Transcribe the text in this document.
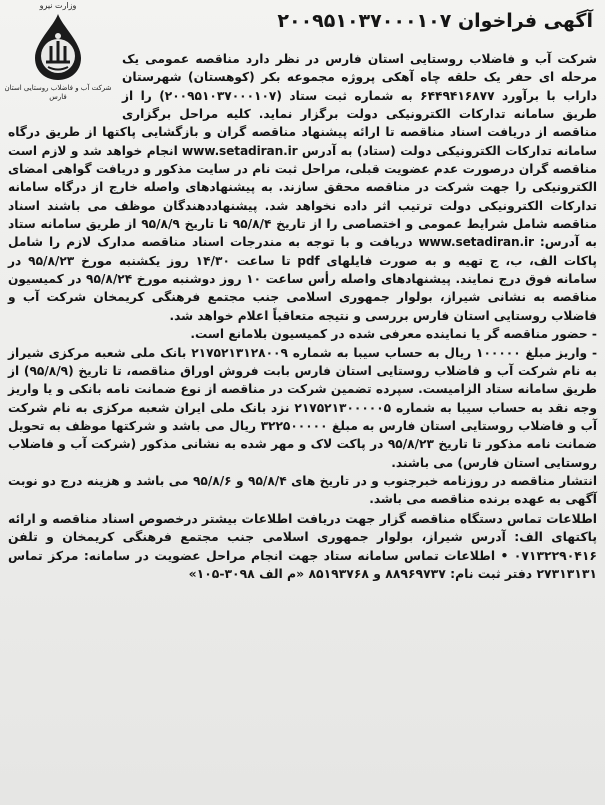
وزارت نیرو
شرکت آب و فاضلاب روستایی استان فارس
آگهی فراخوان ۲۰۰۹۵۱۰۳۷۰۰۰۱۰۷

شرکت آب و فاضلاب روستایی استان فارس در نظر دارد مناقصه عمومی یک مرحله ای حفر یک حلقه چاه آهکی پروژه مجموعه بکر (کوهستان) شهرستان داراب با برآورد ۶۴۴۹۴۱۶۸۷۷ به شماره ثبت ستاد (۲۰۰۹۵۱۰۳۷۰۰۰۱۰۷) را از طریق سامانه تدارکات الکترونیکی دولت برگزار نماید. کلیه مراحل برگزاری مناقصه از دریافت اسناد مناقصه تا ارائه پیشنهاد مناقصه گران و بازگشایی پاکتها از طریق درگاه سامانه تدارکات الکترونیکی دولت (ستاد) به آدرس www.setadiran.ir انجام خواهد شد و لازم است مناقصه گران درصورت عدم عضویت قبلی، مراحل ثبت نام در سایت مذکور و دریافت گواهی امضای الکترونیکی را جهت شرکت در مناقصه محقق سازند. به پیشنهادهای واصله خارج از درگاه سامانه تدارکات الکترونیکی دولت ترتیب اثر داده نخواهد شد. پیشنهاددهندگان موظف می باشند اسناد مناقصه شامل شرایط عمومی و اختصاصی را از تاریخ ۹۵/۸/۴ تا تاریخ ۹۵/۸/۹ از طریق سامانه ستاد به آدرس: www.setadiran.ir دریافت و با توجه به مندرجات اسناد مناقصه مدارک لازم را شامل پاکات الف، ب، ج تهیه و به صورت فایلهای pdf تا ساعت ۱۴/۳۰ روز یکشنبه مورخ ۹۵/۸/۲۳ در سامانه فوق درج نمایند. پیشنهادهای واصله رأس ساعت ۱۰ روز دوشنبه مورخ ۹۵/۸/۲۴ در کمیسیون مناقصه به نشانی شیراز، بولوار جمهوری اسلامی جنب مجتمع فرهنگی کریمخان شرکت آب و فاضلاب روستایی استان فارس بررسی و نتیجه متعاقباً اعلام خواهد شد.

- حضور مناقصه گر یا نماینده معرفی شده در کمیسیون بلامانع است.

- واریز مبلغ ۱۰۰۰۰۰ ریال به حساب سیبا به شماره ۲۱۷۵۲۱۳۱۲۸۰۰۹ بانک ملی شعبه مرکزی شیراز به نام شرکت آب و فاضلاب روستایی استان فارس بابت فروش اوراق مناقصه، تا تاریخ (۹۵/۸/۹) از طریق سامانه ستاد الزامیست. سپرده تضمین شرکت در مناقصه از نوع ضمانت نامه بانکی و یا واریز وجه نقد به حساب سیبا به شماره ۲۱۷۵۲۱۳۰۰۰۰۰۵ نزد بانک ملی ایران شعبه مرکزی به نام شرکت آب و فاضلاب روستایی استان فارس به مبلغ ۳۲۲۵۰۰۰۰۰ ریال می باشد و شرکتها موظف به تحویل ضمانت نامه مذکور تا تاریخ ۹۵/۸/۲۳ در پاکت لاک و مهر شده به نشانی مذکور (شرکت آب و فاضلاب روستایی استان فارس) می باشند.

انتشار مناقصه در روزنامه خبرجنوب و در تاریخ های ۹۵/۸/۴ و ۹۵/۸/۶ می باشد و هزینه درج دو نوبت آگهی به عهده برنده مناقصه می باشد.

اطلاعات تماس دستگاه مناقصه گزار جهت دریافت اطلاعات بیشتر درخصوص اسناد مناقصه و ارائه پاکتهای الف: آدرس شیراز، بولوار جمهوری اسلامی جنب مجتمع فرهنگی کریمخان و تلفن ۰۷۱۳۲۲۹۰۴۱۶ • اطلاعات تماس سامانه ستاد جهت انجام مراحل عضویت در سامانه: مرکز تماس ۲۷۳۱۳۱۳۱ دفتر ثبت نام: ۸۸۹۶۹۷۳۷ و ۸۵۱۹۳۷۶۸ «م الف ۳۰۹۸-۱۰۵»
